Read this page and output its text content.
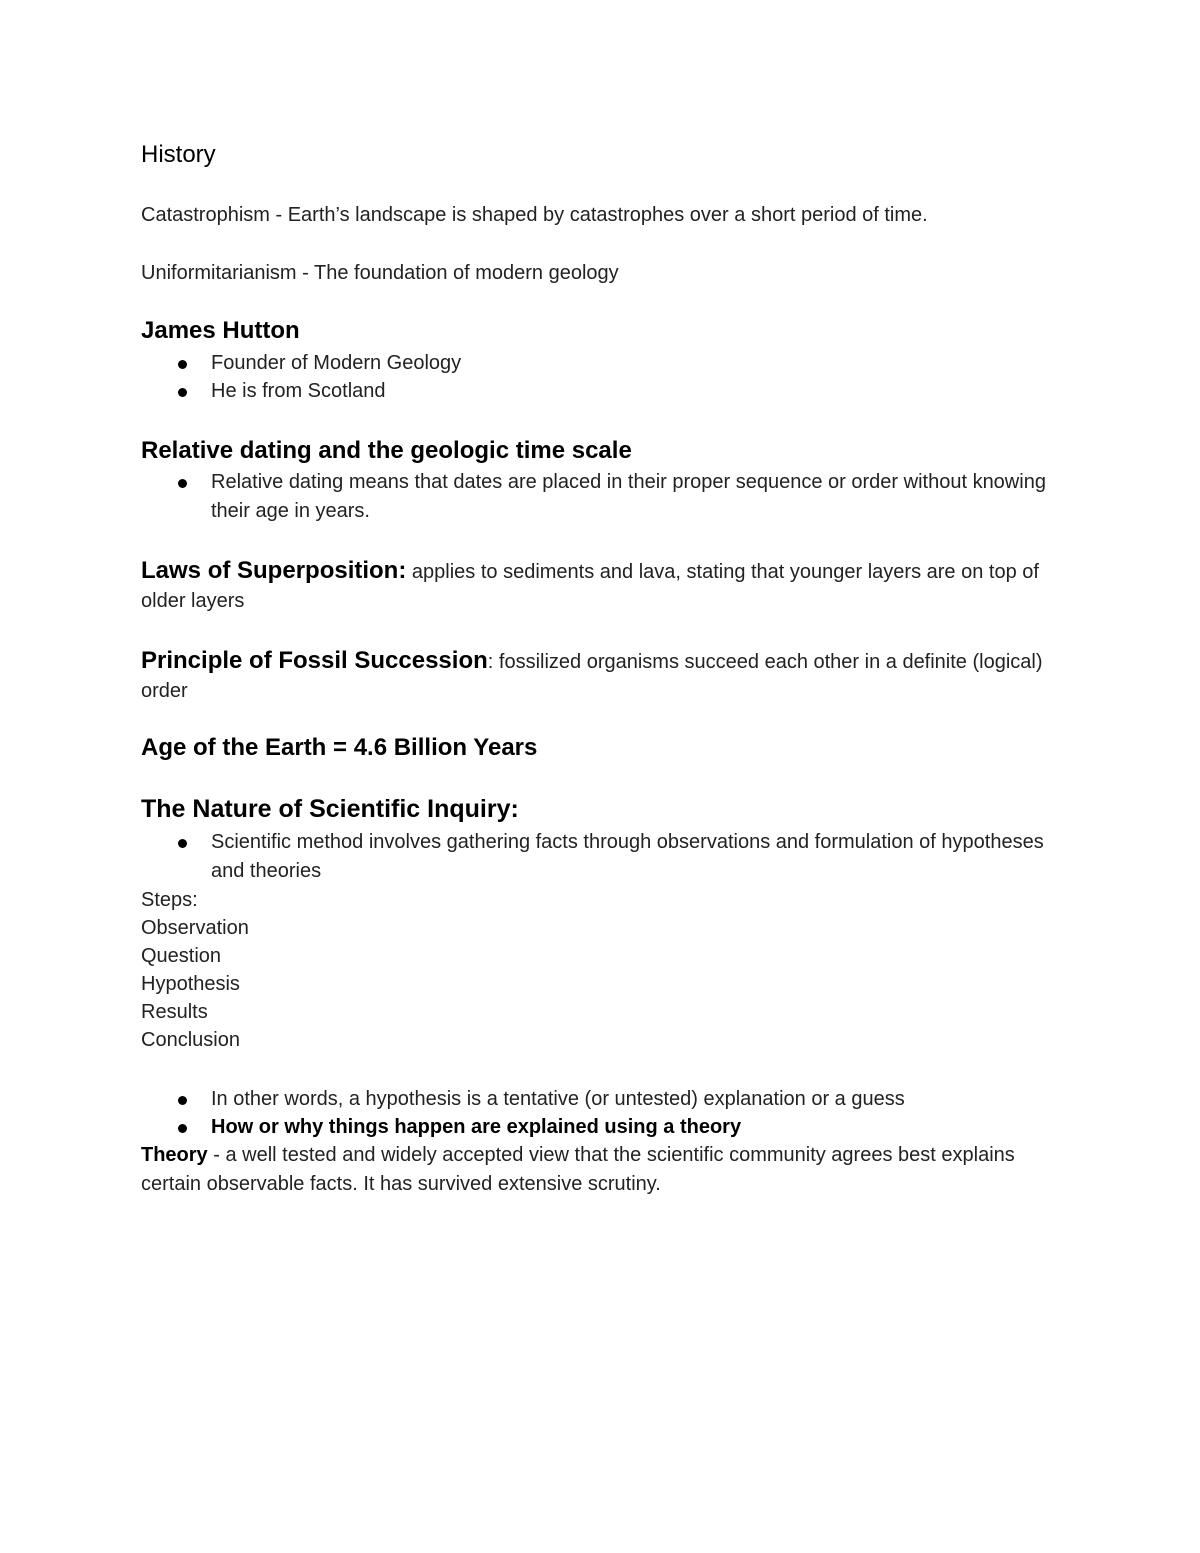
History
Catastrophism - Earth’s landscape is shaped by catastrophes over a short period of time.
Uniformitarianism - The foundation of modern geology
James Hutton
Founder of Modern Geology
He is from Scotland
Relative dating and the geologic time scale
Relative dating means that dates are placed in their proper sequence or order without knowing their age in years.
Laws of Superposition: applies to sediments and lava, stating that younger layers are on top of older layers
Principle of Fossil Succession: fossilized organisms succeed each other in a definite (logical) order
Age of the Earth = 4.6 Billion Years
The Nature of Scientific Inquiry:
Scientific method involves gathering facts through observations and formulation of hypotheses and theories
Steps:
Observation
Question
Hypothesis
Results
Conclusion
In other words, a hypothesis is a tentative (or untested) explanation or a guess
How or why things happen are explained using a theory
Theory - a well tested and widely accepted view that the scientific community agrees best explains certain observable facts. It has survived extensive scrutiny.
